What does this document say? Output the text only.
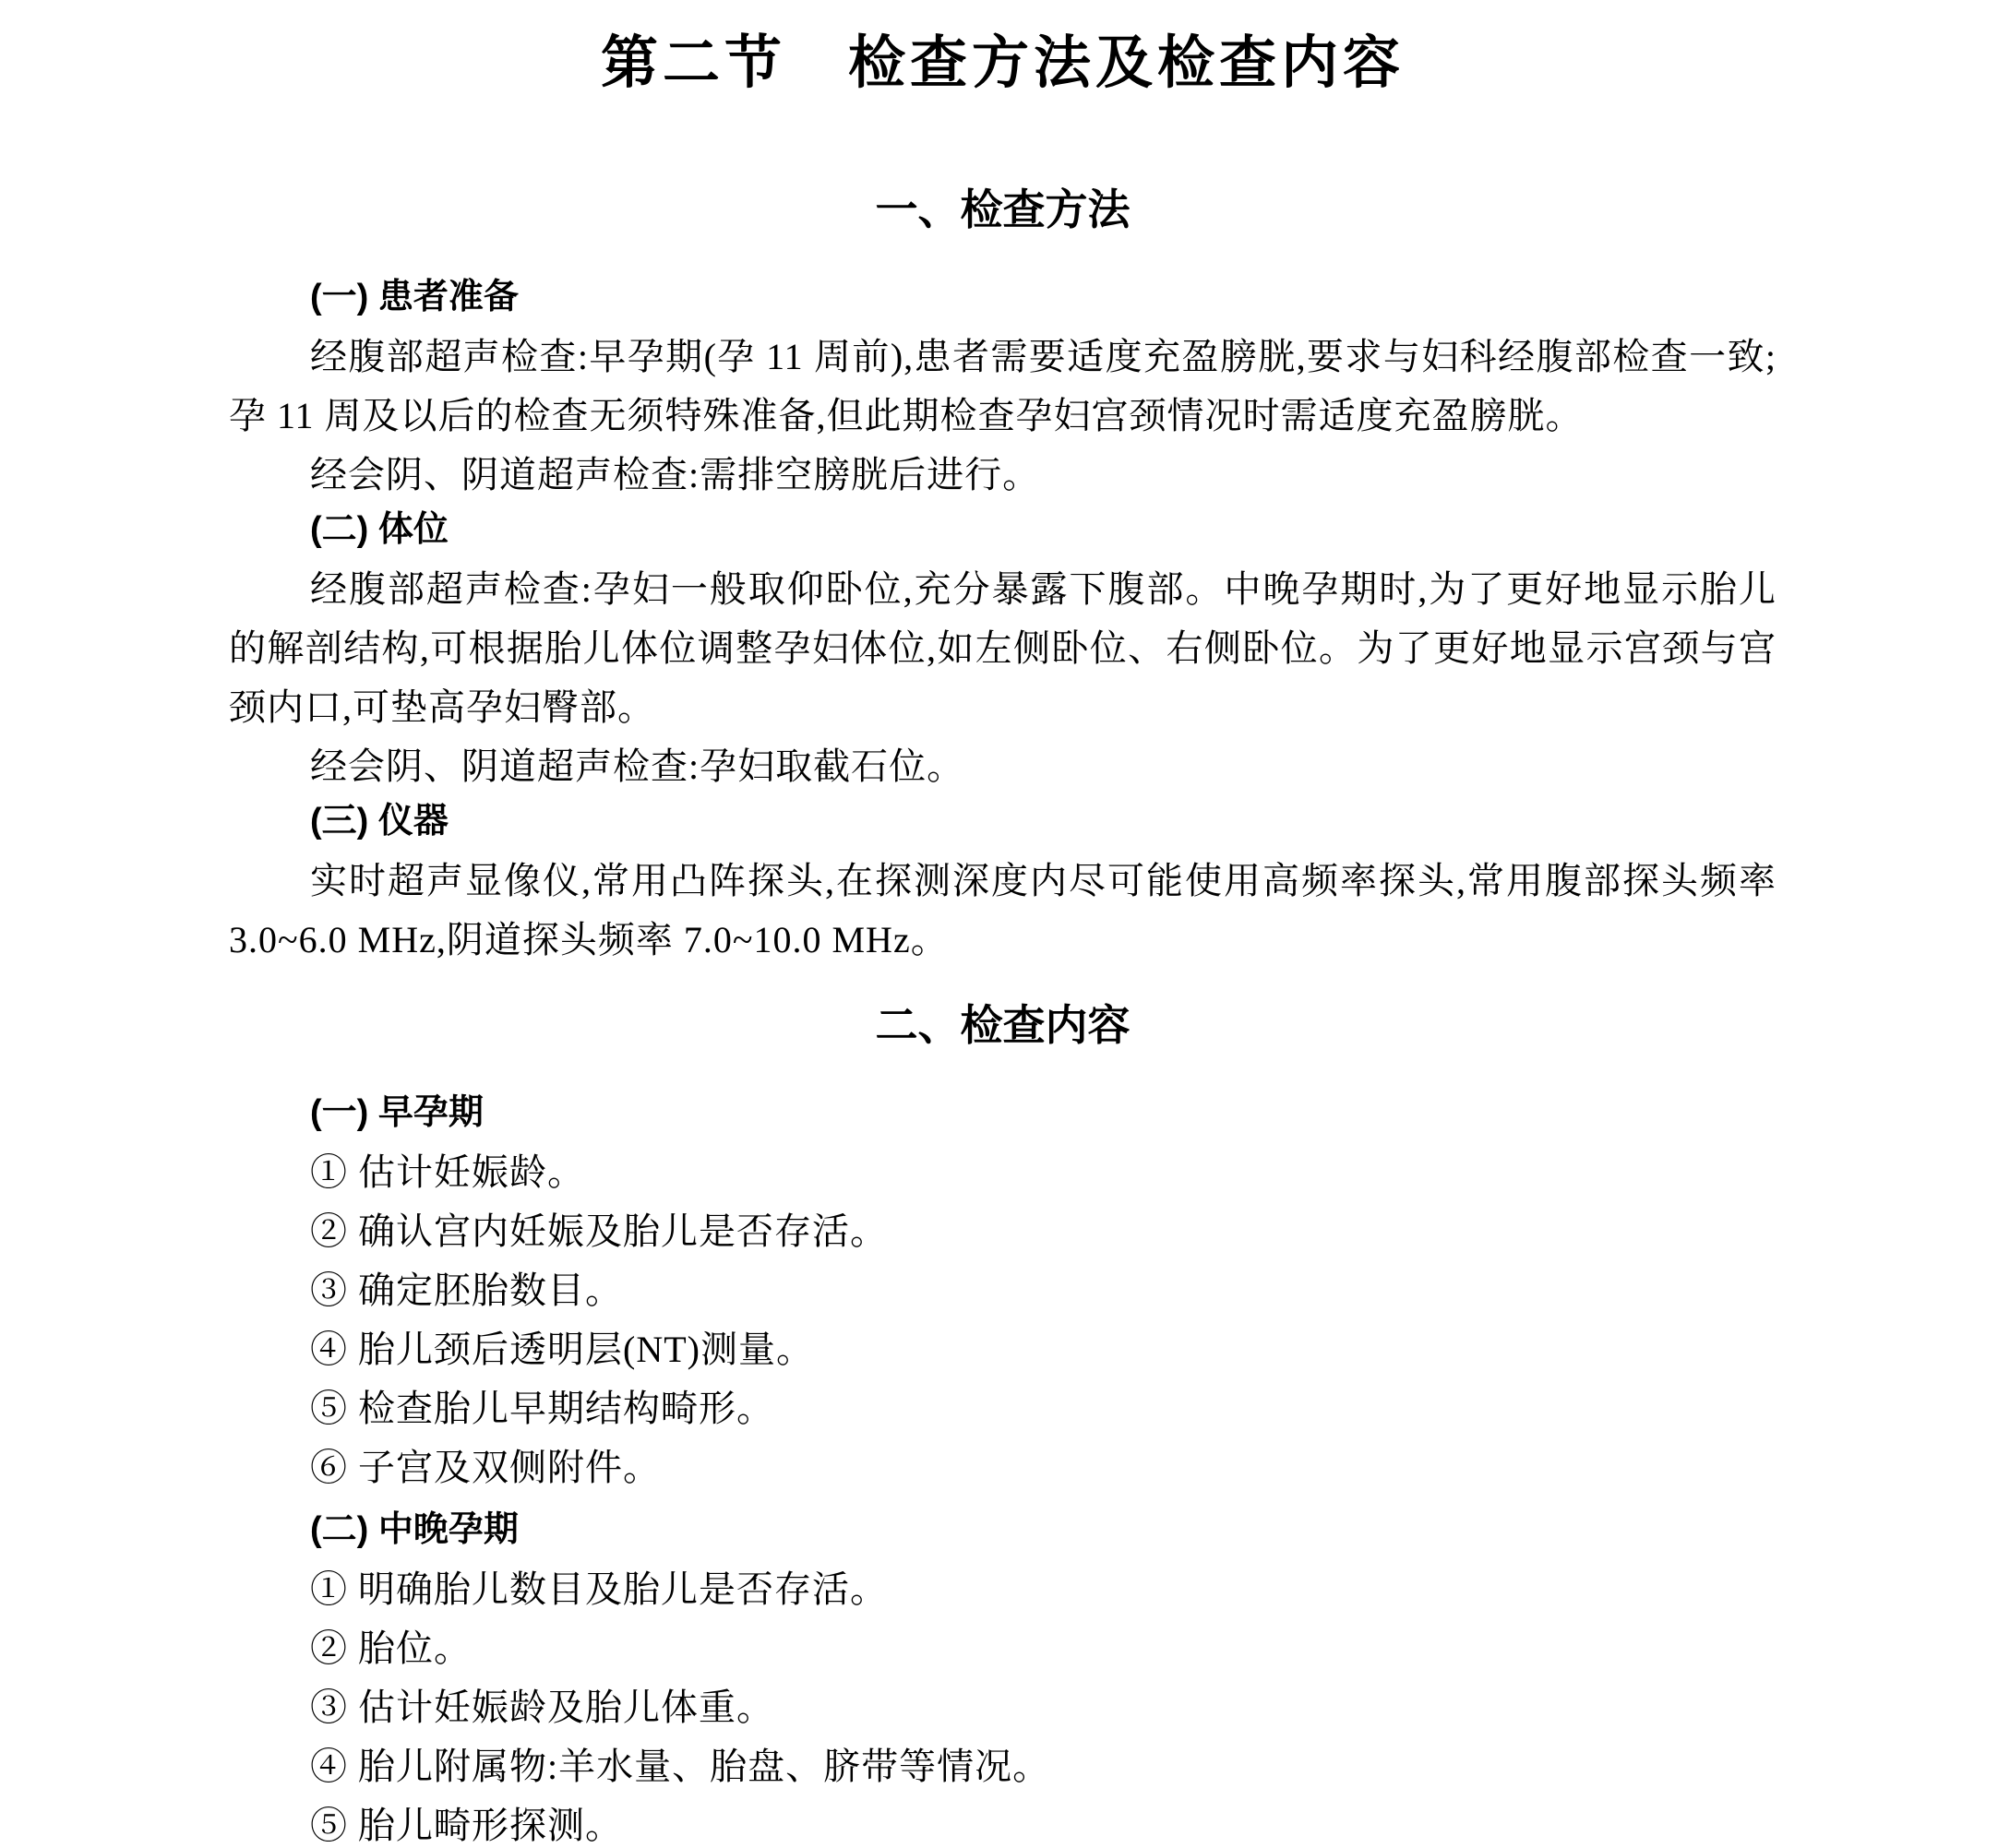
第二节　检查方法及检查内容
一、检查方法
(一) 患者准备

经腹部超声检查:早孕期(孕 11 周前),患者需要适度充盈膀胱,要求与妇科经腹部检查一致;孕 11 周及以后的检查无须特殊准备,但此期检查孕妇宫颈情况时需适度充盈膀胱。

经会阴、阴道超声检查:需排空膀胱后进行。

(二) 体位

经腹部超声检查:孕妇一般取仰卧位,充分暴露下腹部。中晚孕期时,为了更好地显示胎儿的解剖结构,可根据胎儿体位调整孕妇体位,如左侧卧位、右侧卧位。为了更好地显示宫颈与宫颈内口,可垫高孕妇臀部。

经会阴、阴道超声检查:孕妇取截石位。

(三) 仪器

实时超声显像仪,常用凸阵探头,在探测深度内尽可能使用高频率探头,常用腹部探头频率 3.0~6.0 MHz,阴道探头频率 7.0~10.0 MHz。

二、检查内容
(一) 早孕期

① 估计妊娠龄。

② 确认宫内妊娠及胎儿是否存活。

③ 确定胚胎数目。

④ 胎儿颈后透明层(NT)测量。

⑤ 检查胎儿早期结构畸形。

⑥ 子宫及双侧附件。

(二) 中晚孕期

① 明确胎儿数目及胎儿是否存活。

② 胎位。

③ 估计妊娠龄及胎儿体重。

④ 胎儿附属物:羊水量、胎盘、脐带等情况。

⑤ 胎儿畸形探测。
